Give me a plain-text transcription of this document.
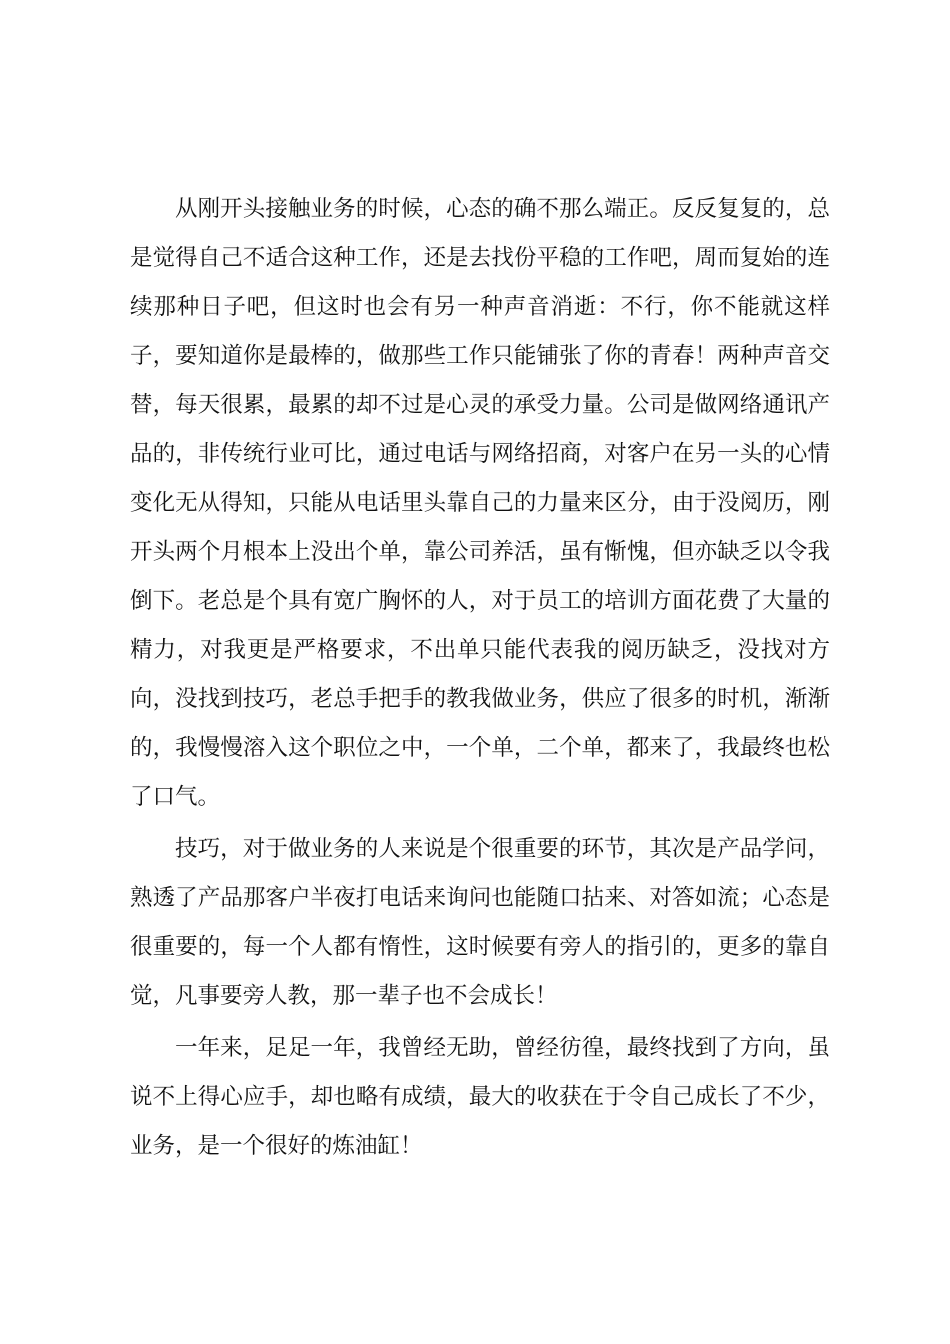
从刚开头接触业务的时候，心态的确不那么端正。反反复复的，总
是觉得自己不适合这种工作，还是去找份平稳的工作吧，周而复始的连
续那种日子吧，但这时也会有另一种声音消逝：不行，你不能就这样
子，要知道你是最棒的，做那些工作只能铺张了你的青春！两种声音交
替，每天很累，最累的却不过是心灵的承受力量。公司是做网络通讯产
品的，非传统行业可比，通过电话与网络招商，对客户在另一头的心情
变化无从得知，只能从电话里头靠自己的力量来区分，由于没阅历，刚
开头两个月根本上没出个单，靠公司养活，虽有惭愧，但亦缺乏以令我
倒下。老总是个具有宽广胸怀的人，对于员工的培训方面花费了大量的
精力，对我更是严格要求，不出单只能代表我的阅历缺乏，没找对方
向，没找到技巧，老总手把手的教我做业务，供应了很多的时机，渐渐
的，我慢慢溶入这个职位之中，一个单，二个单，都来了，我最终也松
了口气。
技巧，对于做业务的人来说是个很重要的环节，其次是产品学问，
熟透了产品那客户半夜打电话来询问也能随口拈来、对答如流；心态是
很重要的，每一个人都有惰性，这时候要有旁人的指引的，更多的靠自
觉，凡事要旁人教，那一辈子也不会成长！
一年来，足足一年，我曾经无助，曾经彷徨，最终找到了方向，虽
说不上得心应手，却也略有成绩，最大的收获在于令自己成长了不少，
业务，是一个很好的炼油缸！
